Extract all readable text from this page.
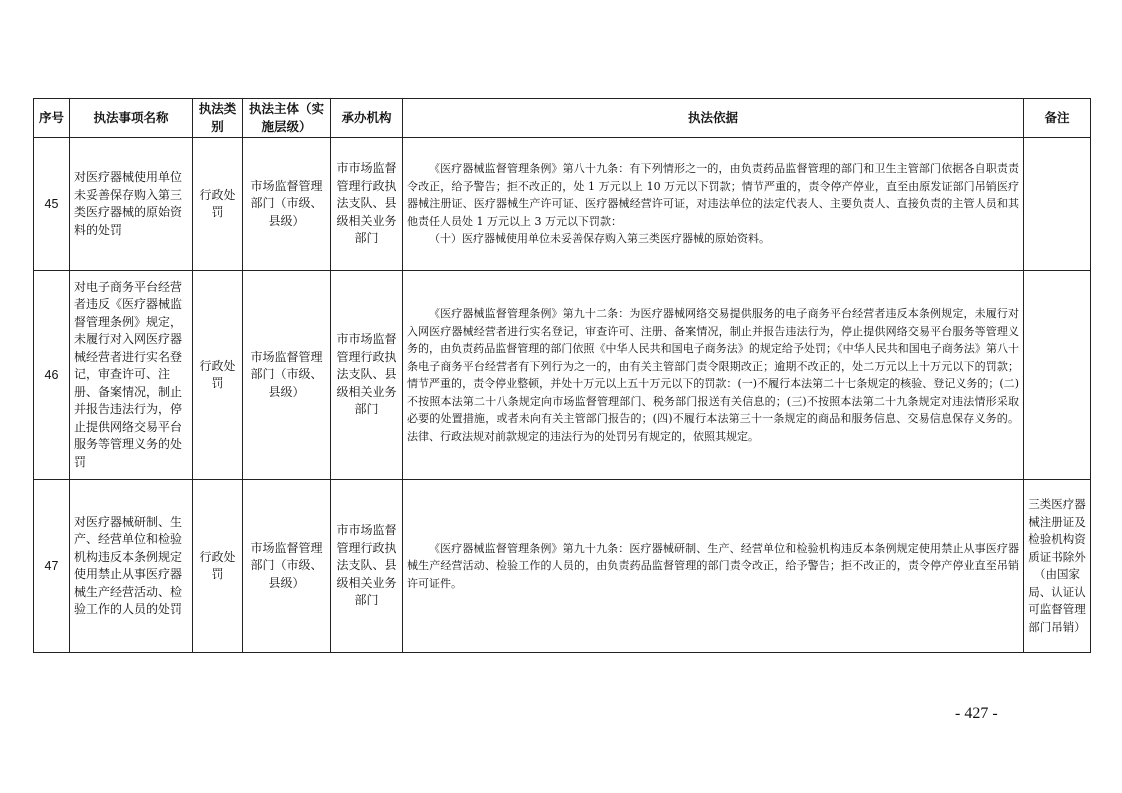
序号	执法事项名称	执法类别	执法主体（实施层级）	承办机构	执法依据	备注
45	对医疗器械使用单位未妥善保存购入第三类医疗器械的原始资料的处罚	行政处罚	市场监督管理部门（市级、县级）	市市场监督管理行政执法支队、县级相关业务部门	《医疗器械监督管理条例》第八十九条：有下列情形之一的，由负责药品监督管理的部门和卫生主管部门依据各自职责责令改正，给予警告；拒不改正的，处 1 万元以上 10 万元以下罚款；情节严重的，责令停产停业，直至由原发证部门吊销医疗器械注册证、医疗器械生产许可证、医疗器械经营许可证，对违法单位的法定代表人、主要负责人、直接负责的主管人员和其他责任人员处 1 万元以上 3 万元以下罚款：

（十）医疗器械使用单位未妥善保存购入第三类医疗器械的原始资料。	

46	对电子商务平台经营者违反《医疗器械监督管理条例》规定，未履行对入网医疗器械经营者进行实名登记，审查许可、注册、备案情况，制止并报告违法行为，停止提供网络交易平台服务等管理义务的处罚	行政处罚	市场监督管理部门（市级、县级）	市市场监督管理行政执法支队、县级相关业务部门	《医疗器械监督管理条例》第九十二条：为医疗器械网络交易提供服务的电子商务平台经营者违反本条例规定，未履行对入网医疗器械经营者进行实名登记，审查许可、注册、备案情况，制止并报告违法行为，停止提供网络交易平台服务等管理义务的，由负责药品监督管理的部门依照《中华人民共和国电子商务法》的规定给予处罚；《中华人民共和国电子商务法》第八十条电子商务平台经营者有下列行为之一的，由有关主管部门责令限期改正；逾期不改正的，处二万元以上十万元以下的罚款；情节严重的，责令停业整顿，并处十万元以上五十万元以下的罚款：(一)不履行本法第二十七条规定的核验、登记义务的；(二)不按照本法第二十八条规定向市场监督管理部门、税务部门报送有关信息的；(三)不按照本法第二十九条规定对违法情形采取必要的处置措施，或者未向有关主管部门报告的；(四)不履行本法第三十一条规定的商品和服务信息、交易信息保存义务的。法律、行政法规对前款规定的违法行为的处罚另有规定的，依照其规定。	

47	对医疗器械研制、生产、经营单位和检验机构违反本条例规定使用禁止从事医疗器械生产经营活动、检验工作的人员的处罚	行政处罚	市场监督管理部门（市级、县级）	市市场监督管理行政执法支队、县级相关业务部门	《医疗器械监督管理条例》第九十九条：医疗器械研制、生产、经营单位和检验机构违反本条例规定使用禁止从事医疗器械生产经营活动、检验工作的人员的，由负责药品监督管理的部门责令改正，给予警告；拒不改正的，责令停产停业直至吊销许可证件。	三类医疗器械注册证及检验机构资质证书除外（由国家局、认证认可监督管理部门吊销）
- 427 -
